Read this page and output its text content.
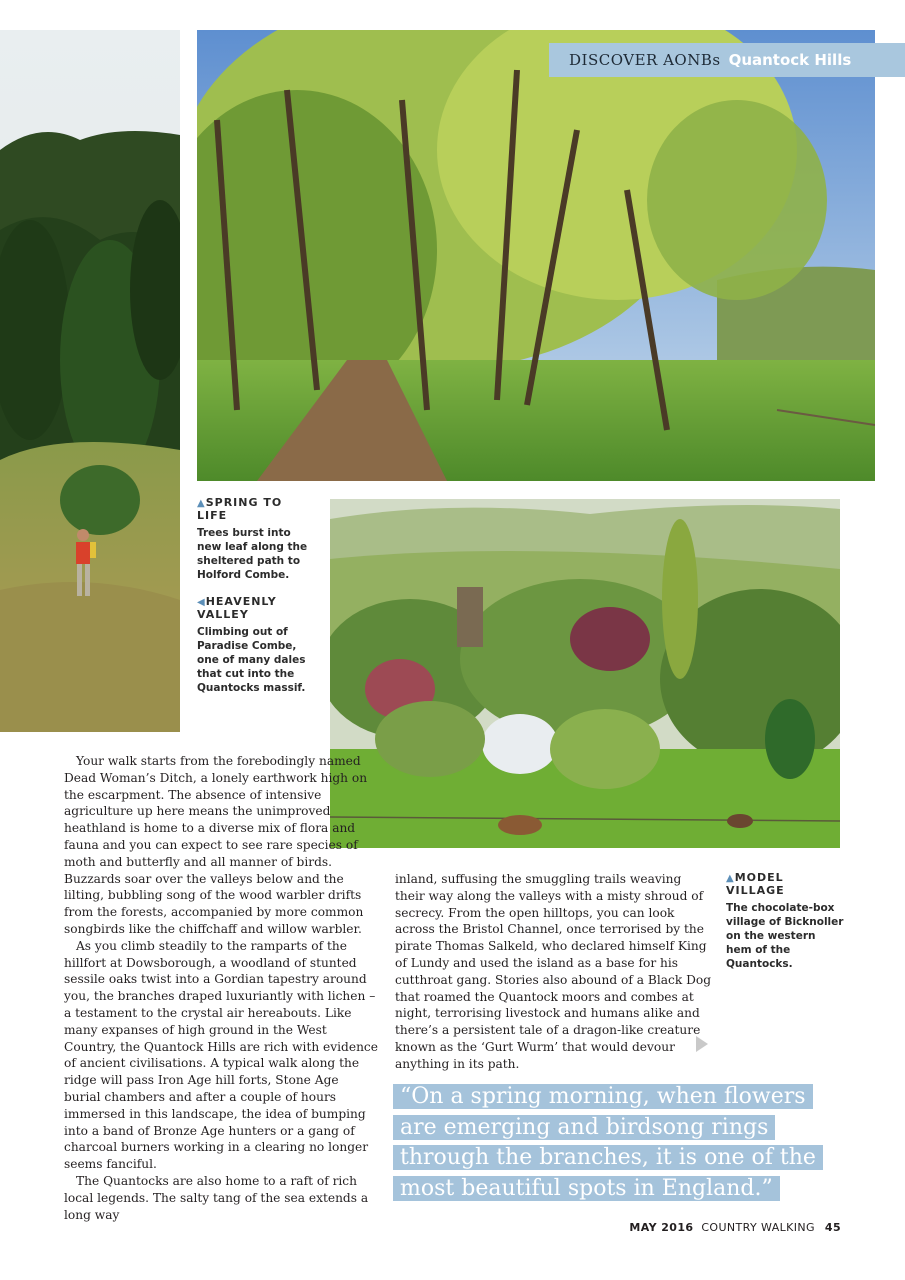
DISCOVER AONBs Quantock Hills
▲SPRING TO LIFE
Trees burst into new leaf along the sheltered path to Holford Combe.
◀HEAVENLY VALLEY
Climbing out of Paradise Combe, one of many dales that cut into the Quantocks massif.
▲MODEL VILLAGE
The chocolate-box village of Bicknoller on the western hem of the Quantocks.

Your walk starts from the forebodingly named Dead Woman’s Ditch, a lonely earthwork high on the escarpment. The absence of intensive agriculture up here means the unimproved heathland is home to a diverse mix of flora and fauna and you can expect to see rare species of moth and butterfly and all manner of birds.

Buzzards soar over the valleys below and the lilting, bubbling song of the wood warbler drifts from the forests, accompanied by more common songbirds like the chiffchaff and willow warbler.

As you climb steadily to the ramparts of the hillfort at Dowsborough, a woodland of stunted sessile oaks twist into a Gordian tapestry around you, the branches draped luxuriantly with lichen – a testament to the crystal air hereabouts. Like many expanses of high ground in the West Country, the Quantock Hills are rich with evidence of ancient civilisations. A typical walk along the ridge will pass Iron Age hill forts, Stone Age burial chambers and after a couple of hours immersed in this landscape, the idea of bumping into a band of Bronze Age hunters or a gang of charcoal burners working in a clearing no longer seems fanciful.

The Quantocks are also home to a raft of rich local legends. The salty tang of the sea extends a long way

inland, suffusing the smuggling trails weaving their way along the valleys with a misty shroud of secrecy. From the open hilltops, you can look across the Bristol Channel, once terrorised by the pirate Thomas Salkeld, who declared himself King of Lundy and used the island as a base for his cutthroat gang. Stories also abound of a Black Dog that roamed the Quantock moors and combes at night, terrorising livestock and humans alike and there’s a persistent tale of a dragon-like creature known as the ‘Gurt Wurm’ that would devour anything in its path.

“On a spring morning, when flowers are emerging and birdsong rings through the branches, it is one of the most beautiful spots in England.”
MAY 2016 COUNTRY WALKING 45
